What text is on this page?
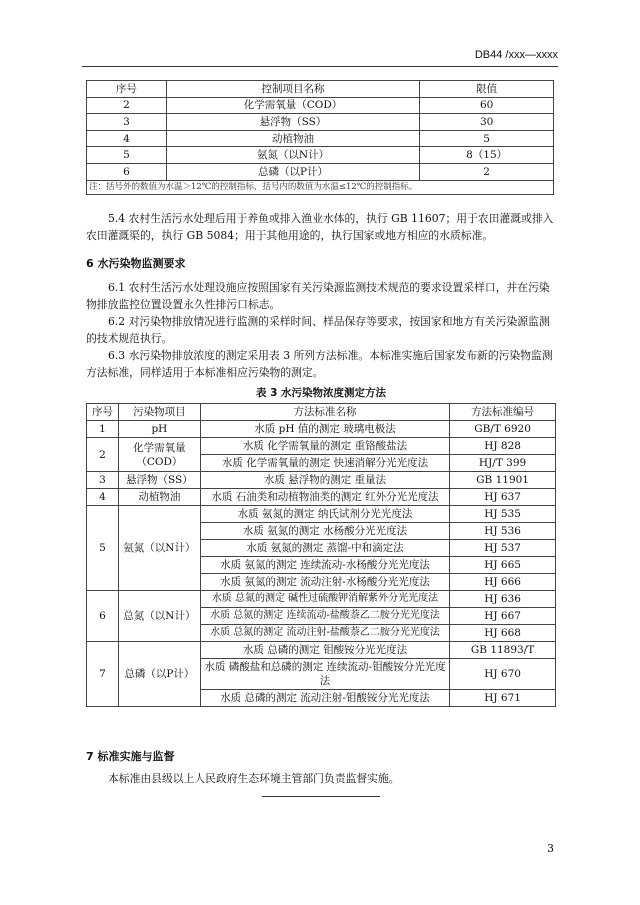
DB44 /xxx—xxxx
序号	控制项目名称	限值
2	化学需氧量（COD）	60
3	悬浮物（SS）	30
4	动植物油	5
5	氨氮（以N计）	8（15）
6	总磷（以P计）	2
注：括号外的数值为水温＞12℃的控制指标，括号内的数值为水温≤12℃的控制指标。		
5.4 农村生活污水处理后用于养鱼或排入渔业水体的，执行 GB 11607；用于农田灌溉或排入农田灌溉渠的，执行 GB 5084；用于其他用途的，执行国家或地方相应的水质标准。
6 水污染物监测要求
6.1 农村生活污水处理设施应按照国家有关污染源监测技术规范的要求设置采样口，并在污染物排放监控位置设置永久性排污口标志。
6.2 对污染物排放情况进行监测的采样时间、样品保存等要求，按国家和地方有关污染源监测的技术规范执行。
6.3 水污染物排放浓度的测定采用表 3 所列方法标准。本标准实施后国家发布新的污染物监测方法标准，同样适用于本标准相应污染物的测定。
表 3 水污染物浓度测定方法
序号	污染物项目	方法标准名称	方法标准编号
1	pH	水质 pH 值的测定 玻璃电极法	GB/T 6920
2	化学需氧量（COD）	水质 化学需氧量的测定 重铬酸盐法	HJ 828
		水质 化学需氧量的测定 快速消解分光光度法	HJ/T 399
3	悬浮物（SS）	水质 悬浮物的测定 重量法	GB 11901
4	动植物油	水质 石油类和动植物油类的测定 红外分光光度法	HJ 637
5	氨氮（以N计）	水质 氨氮的测定 纳氏试剂分光光度法	HJ 535
		水质 氨氮的测定 水杨酸分光光度法	HJ 536
		水质 氨氮的测定 蒸馏-中和滴定法	HJ 537
		水质 氨氮的测定 连续流动-水杨酸分光光度法	HJ 665
		水质 氨氮的测定 流动注射-水杨酸分光光度法	HJ 666
6	总氮（以N计）	水质 总氮的测定 碱性过硫酸钾消解紫外分光光度法	HJ 636
		水质 总氮的测定 连续流动-盐酸萘乙二胺分光光度法	HJ 667
		水质 总氮的测定 流动注射-盐酸萘乙二胺分光光度法	HJ 668
7	总磷（以P计）	水质 总磷的测定 钼酸铵分光光度法	GB 11893/T
		水质 磷酸盐和总磷的测定 连续流动-钼酸铵分光光度法	HJ 670
		水质 总磷的测定 流动注射-钼酸铵分光光度法	HJ 671
7 标准实施与监督
本标准由县级以上人民政府生态环境主管部门负责监督实施。
3
